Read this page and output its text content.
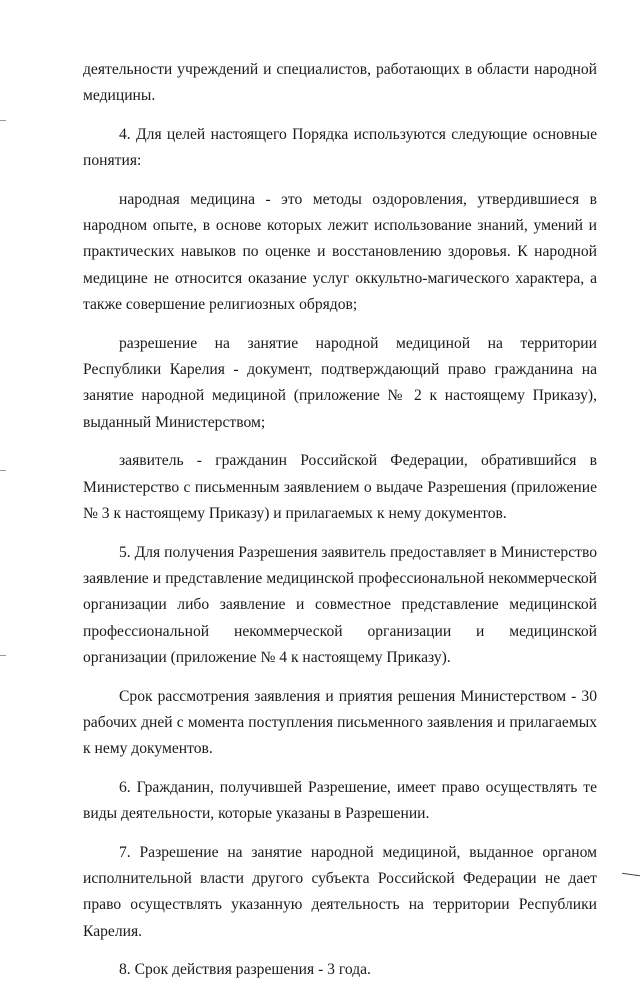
деятельности учреждений и специалистов, работающих в области народной медицины.

4. Для целей настоящего Порядка используются следующие основные понятия:

народная медицина - это методы оздоровления, утвердившиеся в народном опыте, в основе которых лежит использование знаний, умений и практических навыков по оценке и восстановлению здоровья. К народной медицине не относится оказание услуг оккультно-магического характера, а также совершение религиозных обрядов;

разрешение на занятие народной медициной на территории Республики Карелия - документ, подтверждающий право гражданина на занятие народной медициной (приложение № 2 к настоящему Приказу), выданный Министерством;

заявитель - гражданин Российской Федерации, обратившийся в Министерство с письменным заявлением о выдаче Разрешения (приложение № 3 к настоящему Приказу) и прилагаемых к нему документов.

5. Для получения Разрешения заявитель предоставляет в Министерство заявление и представление медицинской профессиональной некоммерческой организации либо заявление и совместное представление медицинской профессиональной некоммерческой организации и медицинской организации (приложение № 4 к настоящему Приказу).

Срок рассмотрения заявления и приятия решения Министерством - 30 рабочих дней с момента поступления письменного заявления и прилагаемых к нему документов.

6. Гражданин, получившей Разрешение, имеет право осуществлять те виды деятельности, которые указаны в Разрешении.

7. Разрешение на занятие народной медициной, выданное органом исполнительной власти другого субъекта Российской Федерации не дает право осуществлять указанную деятельность на территории Республики Карелия.

8. Срок действия разрешения - 3 года.
